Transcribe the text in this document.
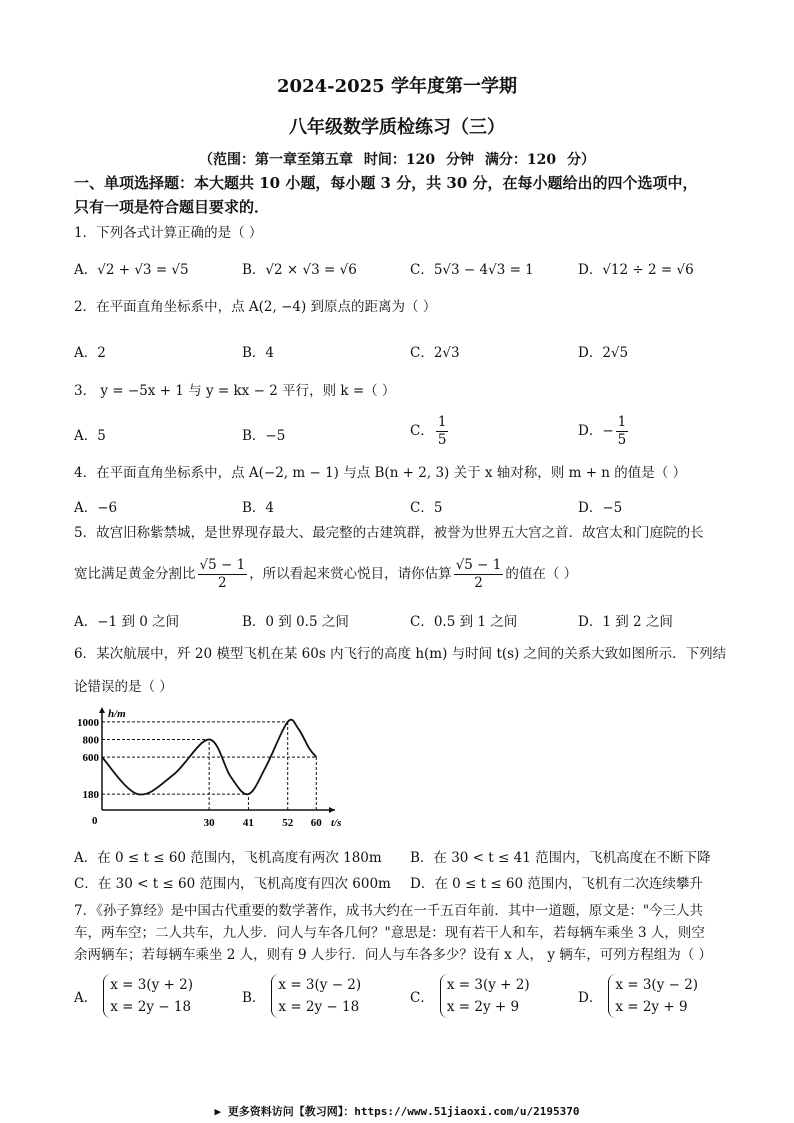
2024-2025 学年度第一学期
八年级数学质检练习（三）
（范围：第一章至第五章 时间：120 分钟 满分：120 分）
一、单项选择题：本大题共 10 小题，每小题 3 分，共 30 分，在每小题给出的四个选项中，
只有一项是符合题目要求的．
1．下列各式计算正确的是（ ）
A．√2 + √3 = √5	B．√2 × √3 = √6	C．5√3 − 4√3 = 1	D．√12 ÷ 2 = √6
2．在平面直角坐标系中，点 A(2, −4) 到原点的距离为（ ）
A．2	B．4	C．2√3	D．2√5
3． y = −5x + 1 与 y = kx − 2 平行，则 k =（ ）
A．5	B．−5	C． $\frac{1}{5}$	D．− $\frac{1}{5}$
4．在平面直角坐标系中，点 A(−2, m − 1) 与点 B(n + 2, 3) 关于 x 轴对称，则 m + n 的值是（ ）
A．−6	B．4	C．5	D．−5
5．故宫旧称紫禁城，是世界现存最大、最完整的古建筑群，被誉为世界五大宫之首．故宫太和门庭院的长
宽比满足黄金分割比 $\frac{√5 - 1}{2}$ ，所以看起来赏心悦目，请你估算 $\frac{√5 - 1}{2}$ 的值在（ ）
A．−1 到 0 之间	B．0 到 0.5 之间	C．0.5 到 1 之间	D．1 到 2 之间
6．某次航展中，歼 20 模型飞机在某 60s 内飞行的高度 h(m) 与时间 t(s) 之间的关系大致如图所示．下列结
论错误的是（ ）
h/m
t/s
0
180
600
800
1000
30	41	52 60
A．在 0 ≤ t ≤ 60 范围内，飞机高度有两次 180m B．在 30 < t ≤ 41 范围内，飞机高度在不断下降
C．在 30 < t ≤ 60 范围内，飞机高度有四次 600m D．在 0 ≤ t ≤ 60 范围内，飞机有二次连续攀升
7．《孙子算经》是中国古代重要的数学著作，成书大约在一千五百年前．其中一道题，原文是："今三人共
车，两车空；二人共车，九人步．问人与车各几何？"意思是：现有若干人和车，若每辆车乘坐 3 人，则空
余两辆车；若每辆车乘坐 2 人，则有 9 人步行．问人与车各多少？设有 x 人， y 辆车，可列方程组为（ ）
A．
x = 3(y + 2)
x = 2y − 18
B．
x = 3(y − 2)
x = 2y − 18
C．
x = 3(y + 2)
x = 2y + 9
D．
x = 3(y − 2)
x = 2y + 9
▶ 更多资料访问【教习网】：https://www.51jiaoxi.com/u/2195370
